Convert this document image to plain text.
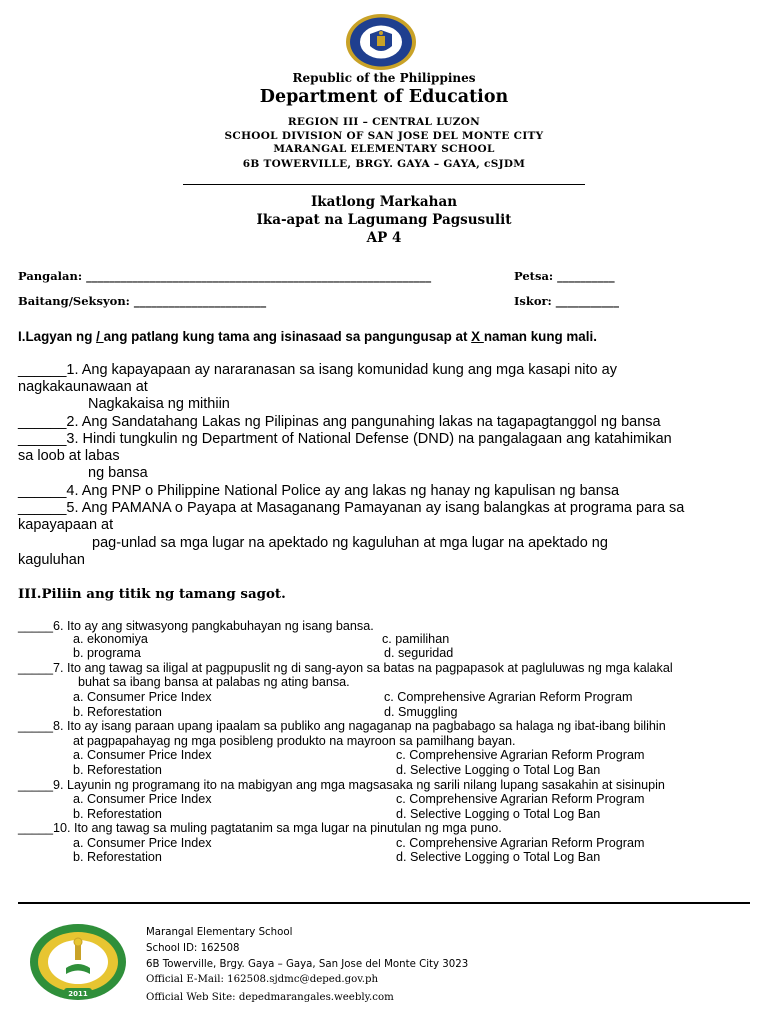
Republic of the Philippines
Department of Education
REGION III – CENTRAL LUZON
SCHOOL DIVISION OF SAN JOSE DEL MONTE CITY
MARANGAL ELEMENTARY SCHOOL
6B TOWERVILLE, BRGY. GAYA – GAYA, cSJDM
Ikatlong Markahan
Ika-apat na Lagumang Pagsusulit
AP 4
Pangalan: ____________________________________________________________	Petsa: __________
Baitang/Seksyon: _______________________	Iskor: ___________
I.Lagyan ng / ang patlang kung tama ang isinasaad sa pangungusap at X naman kung mali.
______1. Ang kapayapaan ay nararanasan sa isang komunidad kung ang mga kasapi nito ay
nagkakaunawaan at
Nagkakaisa ng mithiin
______2. Ang Sandatahang Lakas ng Pilipinas ang pangunahing lakas na tagapagtanggol ng bansa
______3. Hindi tungkulin ng Department of National Defense (DND) na pangalagaan ang katahimikan
sa loob at labas
ng bansa
______4. Ang PNP o Philippine National Police ay ang lakas ng hanay ng kapulisan ng bansa
______5. Ang PAMANA o Payapa at Masaganang Pamayanan ay isang balangkas at programa para sa
kapayapaan at
pag-unlad sa mga lugar na apektado ng kaguluhan at mga lugar na apektado ng
kaguluhan
III.Piliin ang titik ng tamang sagot.
_____6. Ito ay ang sitwasyong pangkabuhayan ng isang bansa.
a. ekonomiya	c. pamilihan
b. programa	d. seguridad
_____7. Ito ang tawag sa iligal at pagpupuslit ng di sang-ayon sa batas na pagpapasok at pagluluwas ng mga kalakal
buhat sa ibang bansa at palabas ng ating bansa.
a. Consumer Price Index	c. Comprehensive Agrarian Reform Program
b. Reforestation	d. Smuggling
_____8. Ito ay isang paraan upang ipaalam sa publiko ang nagaganap na pagbabago sa halaga ng ibat-ibang bilihin
at pagpapahayag ng mga posibleng produkto na mayroon sa pamilhang bayan.
a. Consumer Price Index	c. Comprehensive Agrarian Reform Program
b. Reforestation	d. Selective Logging o Total Log Ban
_____9. Layunin ng programang ito na mabigyan ang mga magsasaka ng sarili nilang lupang sasakahin at sisinupin
a. Consumer Price Index	c. Comprehensive Agrarian Reform Program
b. Reforestation	d. Selective Logging o Total Log Ban
_____10. Ito ang tawag sa muling pagtatanim sa mga lugar na pinutulan ng mga puno.
a. Consumer Price Index	c. Comprehensive Agrarian Reform Program
b. Reforestation	d. Selective Logging o Total Log Ban
2011
Marangal Elementary School
School ID: 162508
6B Towerville, Brgy. Gaya – Gaya, San Jose del Monte City 3023
Official E-Mail: 162508.sjdmc@deped.gov.ph
Official Web Site: depedmarangales.weebly.com
